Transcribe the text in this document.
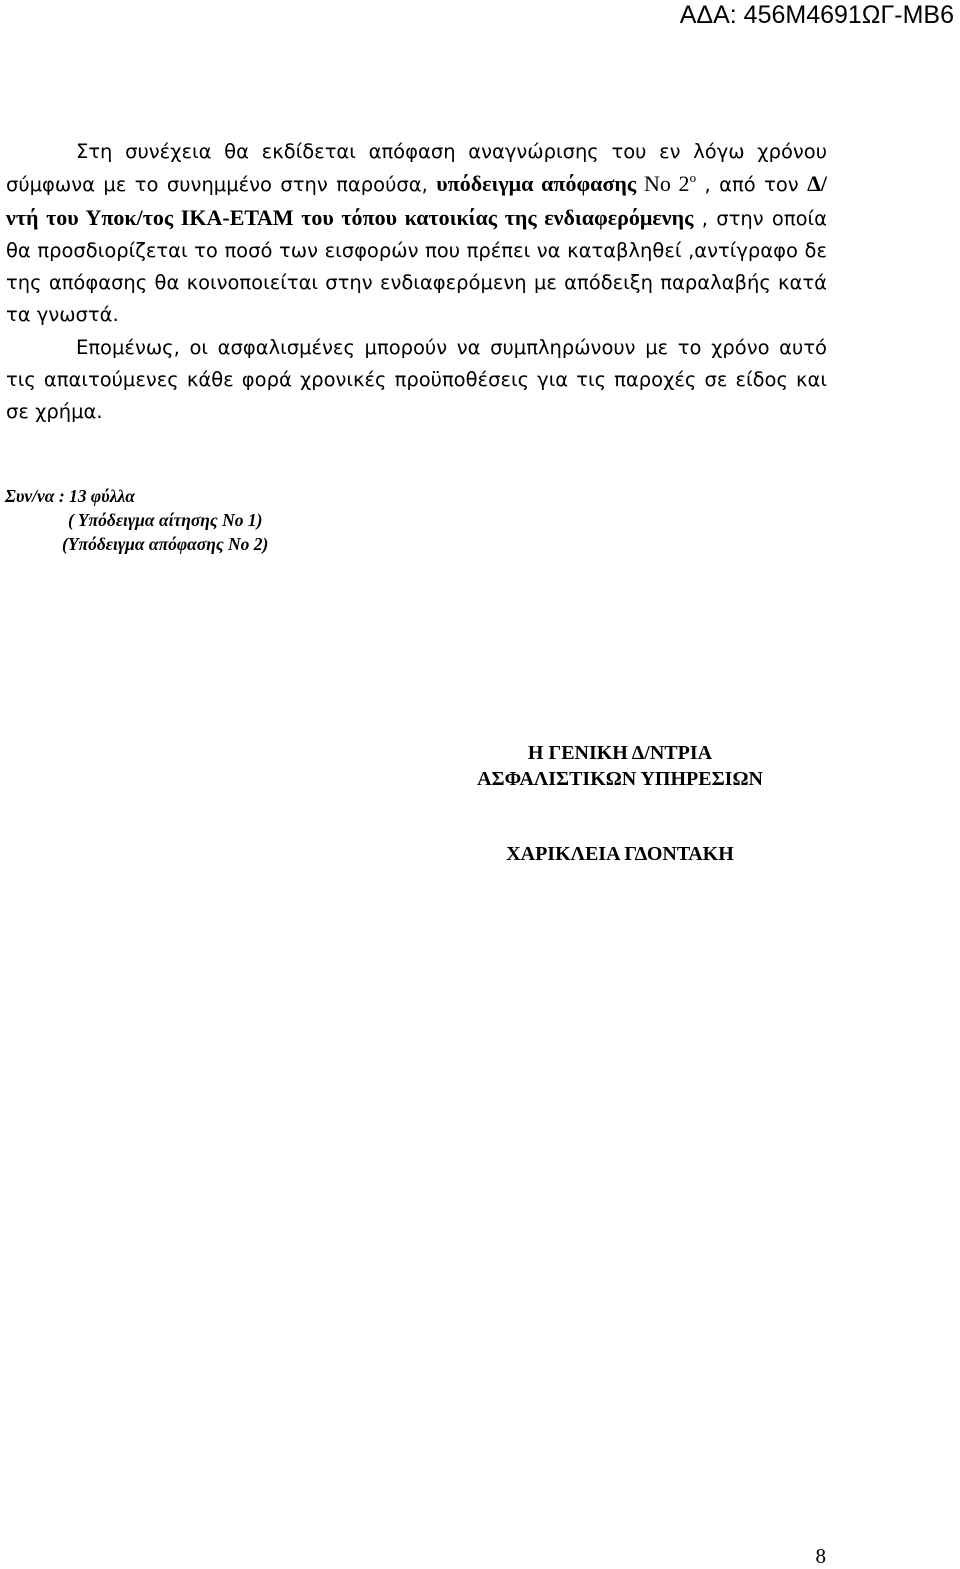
ΑΔΑ: 456Μ4691ΩΓ-ΜΒ6

Στη συνέχεια θα εκδίδεται απόφαση αναγνώρισης του εν λόγω χρόνου σύμφωνα με το συνημμένο στην παρούσα, υπόδειγμα απόφασης Νο $2^o$ , από τον Δ/ντή του Υποκ/τος ΙΚΑ-ΕΤΑΜ του τόπου κατοικίας της ενδιαφερόμενης , στην οποία θα προσδιορίζεται το ποσό των εισφορών που πρέπει να καταβληθεί ,αντίγραφο δε της απόφασης θα κοινοποιείται στην ενδιαφερόμενη με απόδειξη παραλαβής κατά τα γνωστά.

Επομένως, οι ασφαλισμένες μπορούν να συμπληρώνουν με το χρόνο αυτό τις απαιτούμενες κάθε φορά χρονικές προϋποθέσεις για τις παροχές σε είδος και σε χρήμα.

Συν/να : 13 φύλλα
( Υπόδειγμα αίτησης Νο 1)
(Υπόδειγμα απόφασης Νο 2)
Η ΓΕΝΙΚΗ Δ/ΝΤΡΙΑ
ΑΣΦΑΛΙΣΤΙΚΩΝ ΥΠΗΡΕΣΙΩΝ
ΧΑΡΙΚΛΕΙΑ ΓΔΟΝΤΑΚΗ
8
